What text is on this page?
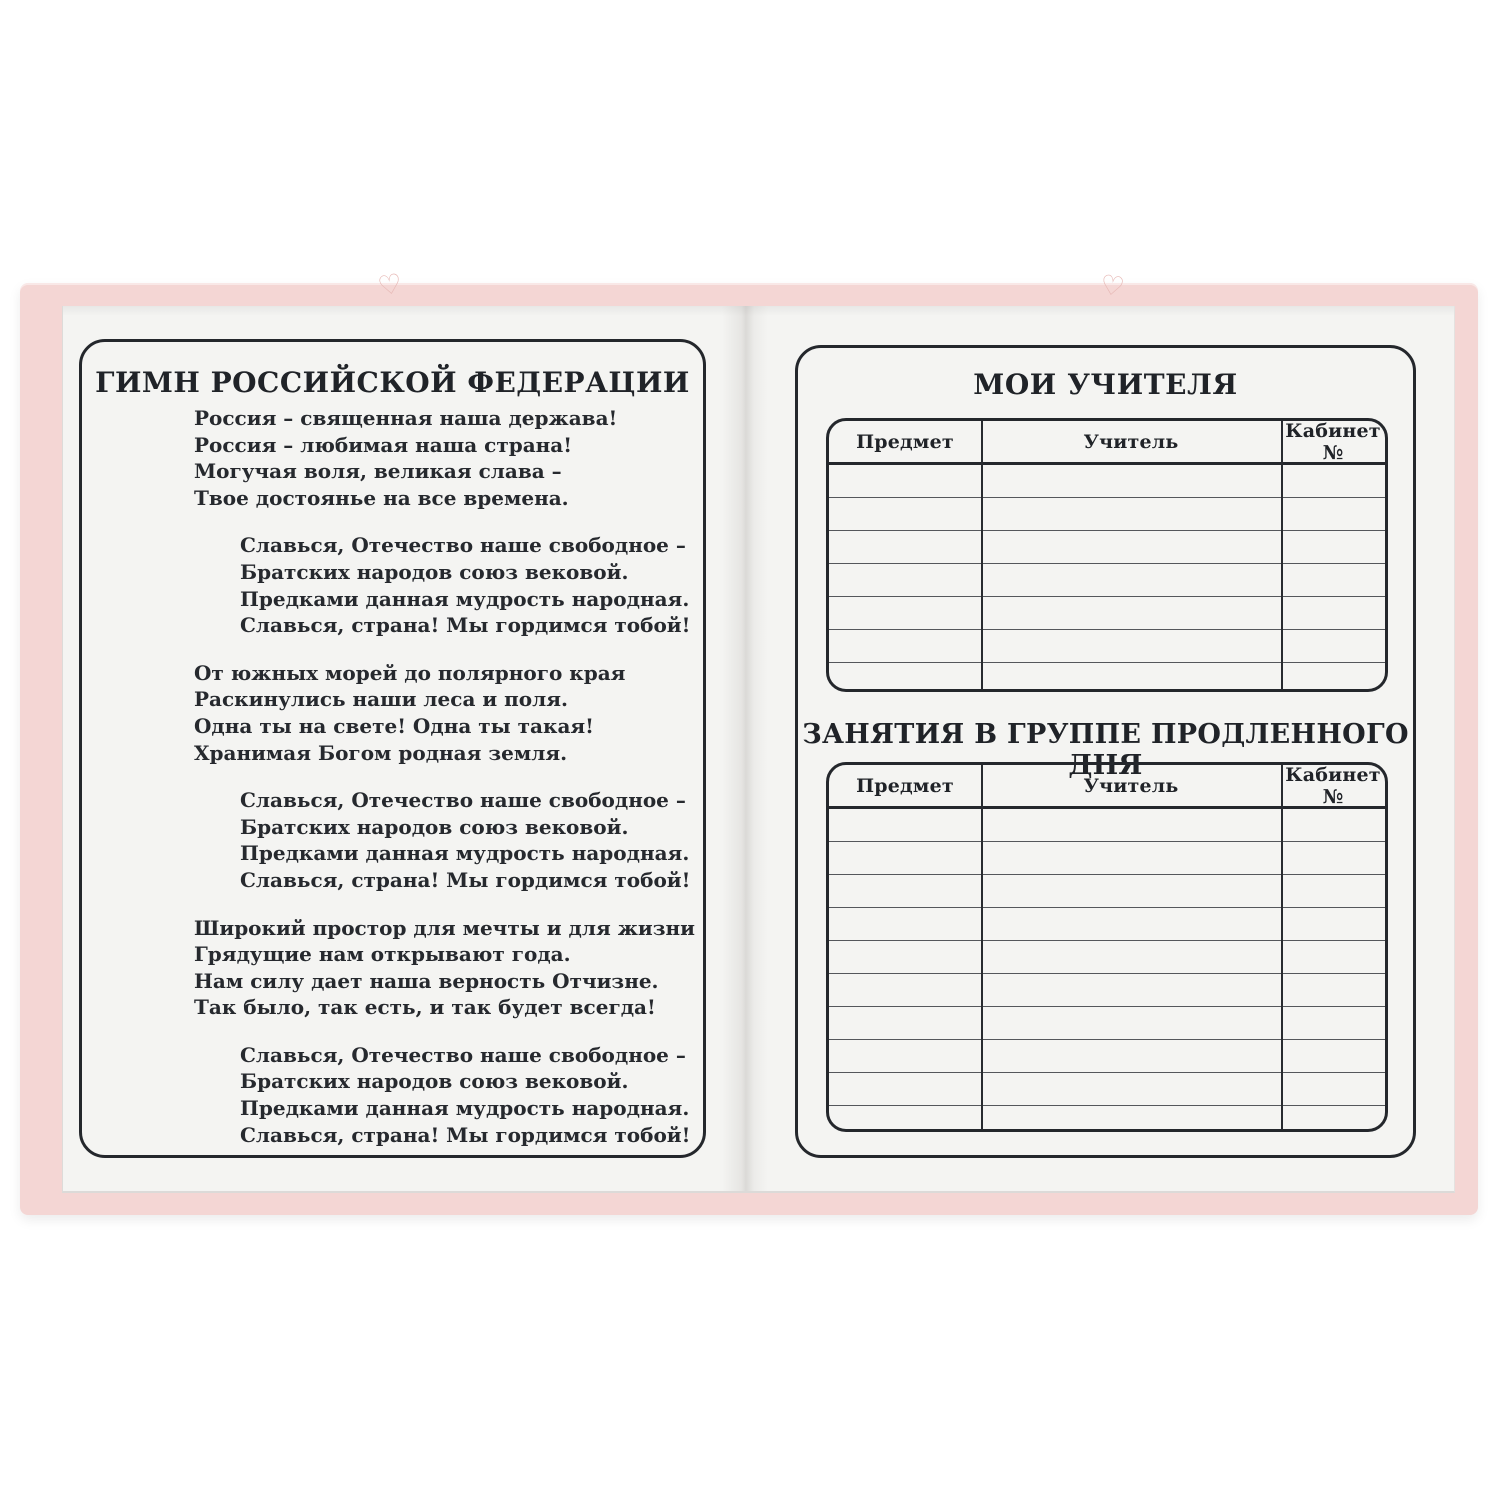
♡	♡
ГИМН РОССИЙСКОЙ ФЕДЕРАЦИИ
Россия – священная наша держава!
Россия – любимая наша страна!
Могучая воля, великая слава –
Твое достоянье на все времена.
Славься, Отечество наше свободное –
Братских народов союз вековой.
Предками данная мудрость народная.
Славься, страна! Мы гордимся тобой!
От южных морей до полярного края
Раскинулись наши леса и поля.
Одна ты на свете! Одна ты такая!
Хранимая Богом родная земля.
Славься, Отечество наше свободное –
Братских народов союз вековой.
Предками данная мудрость народная.
Славься, страна! Мы гордимся тобой!
Широкий простор для мечты и для жизни
Грядущие нам открывают года.
Нам силу дает наша верность Отчизне.
Так было, так есть, и так будет всегда!
Славься, Отечество наше свободное –
Братских народов союз вековой.
Предками данная мудрость народная.
Славься, страна! Мы гордимся тобой!
МОИ УЧИТЕЛЯ
Предмет	Учитель	Кабинет №
ЗАНЯТИЯ В ГРУППЕ ПРОДЛЕННОГО ДНЯ
Предмет	Учитель	Кабинет №
